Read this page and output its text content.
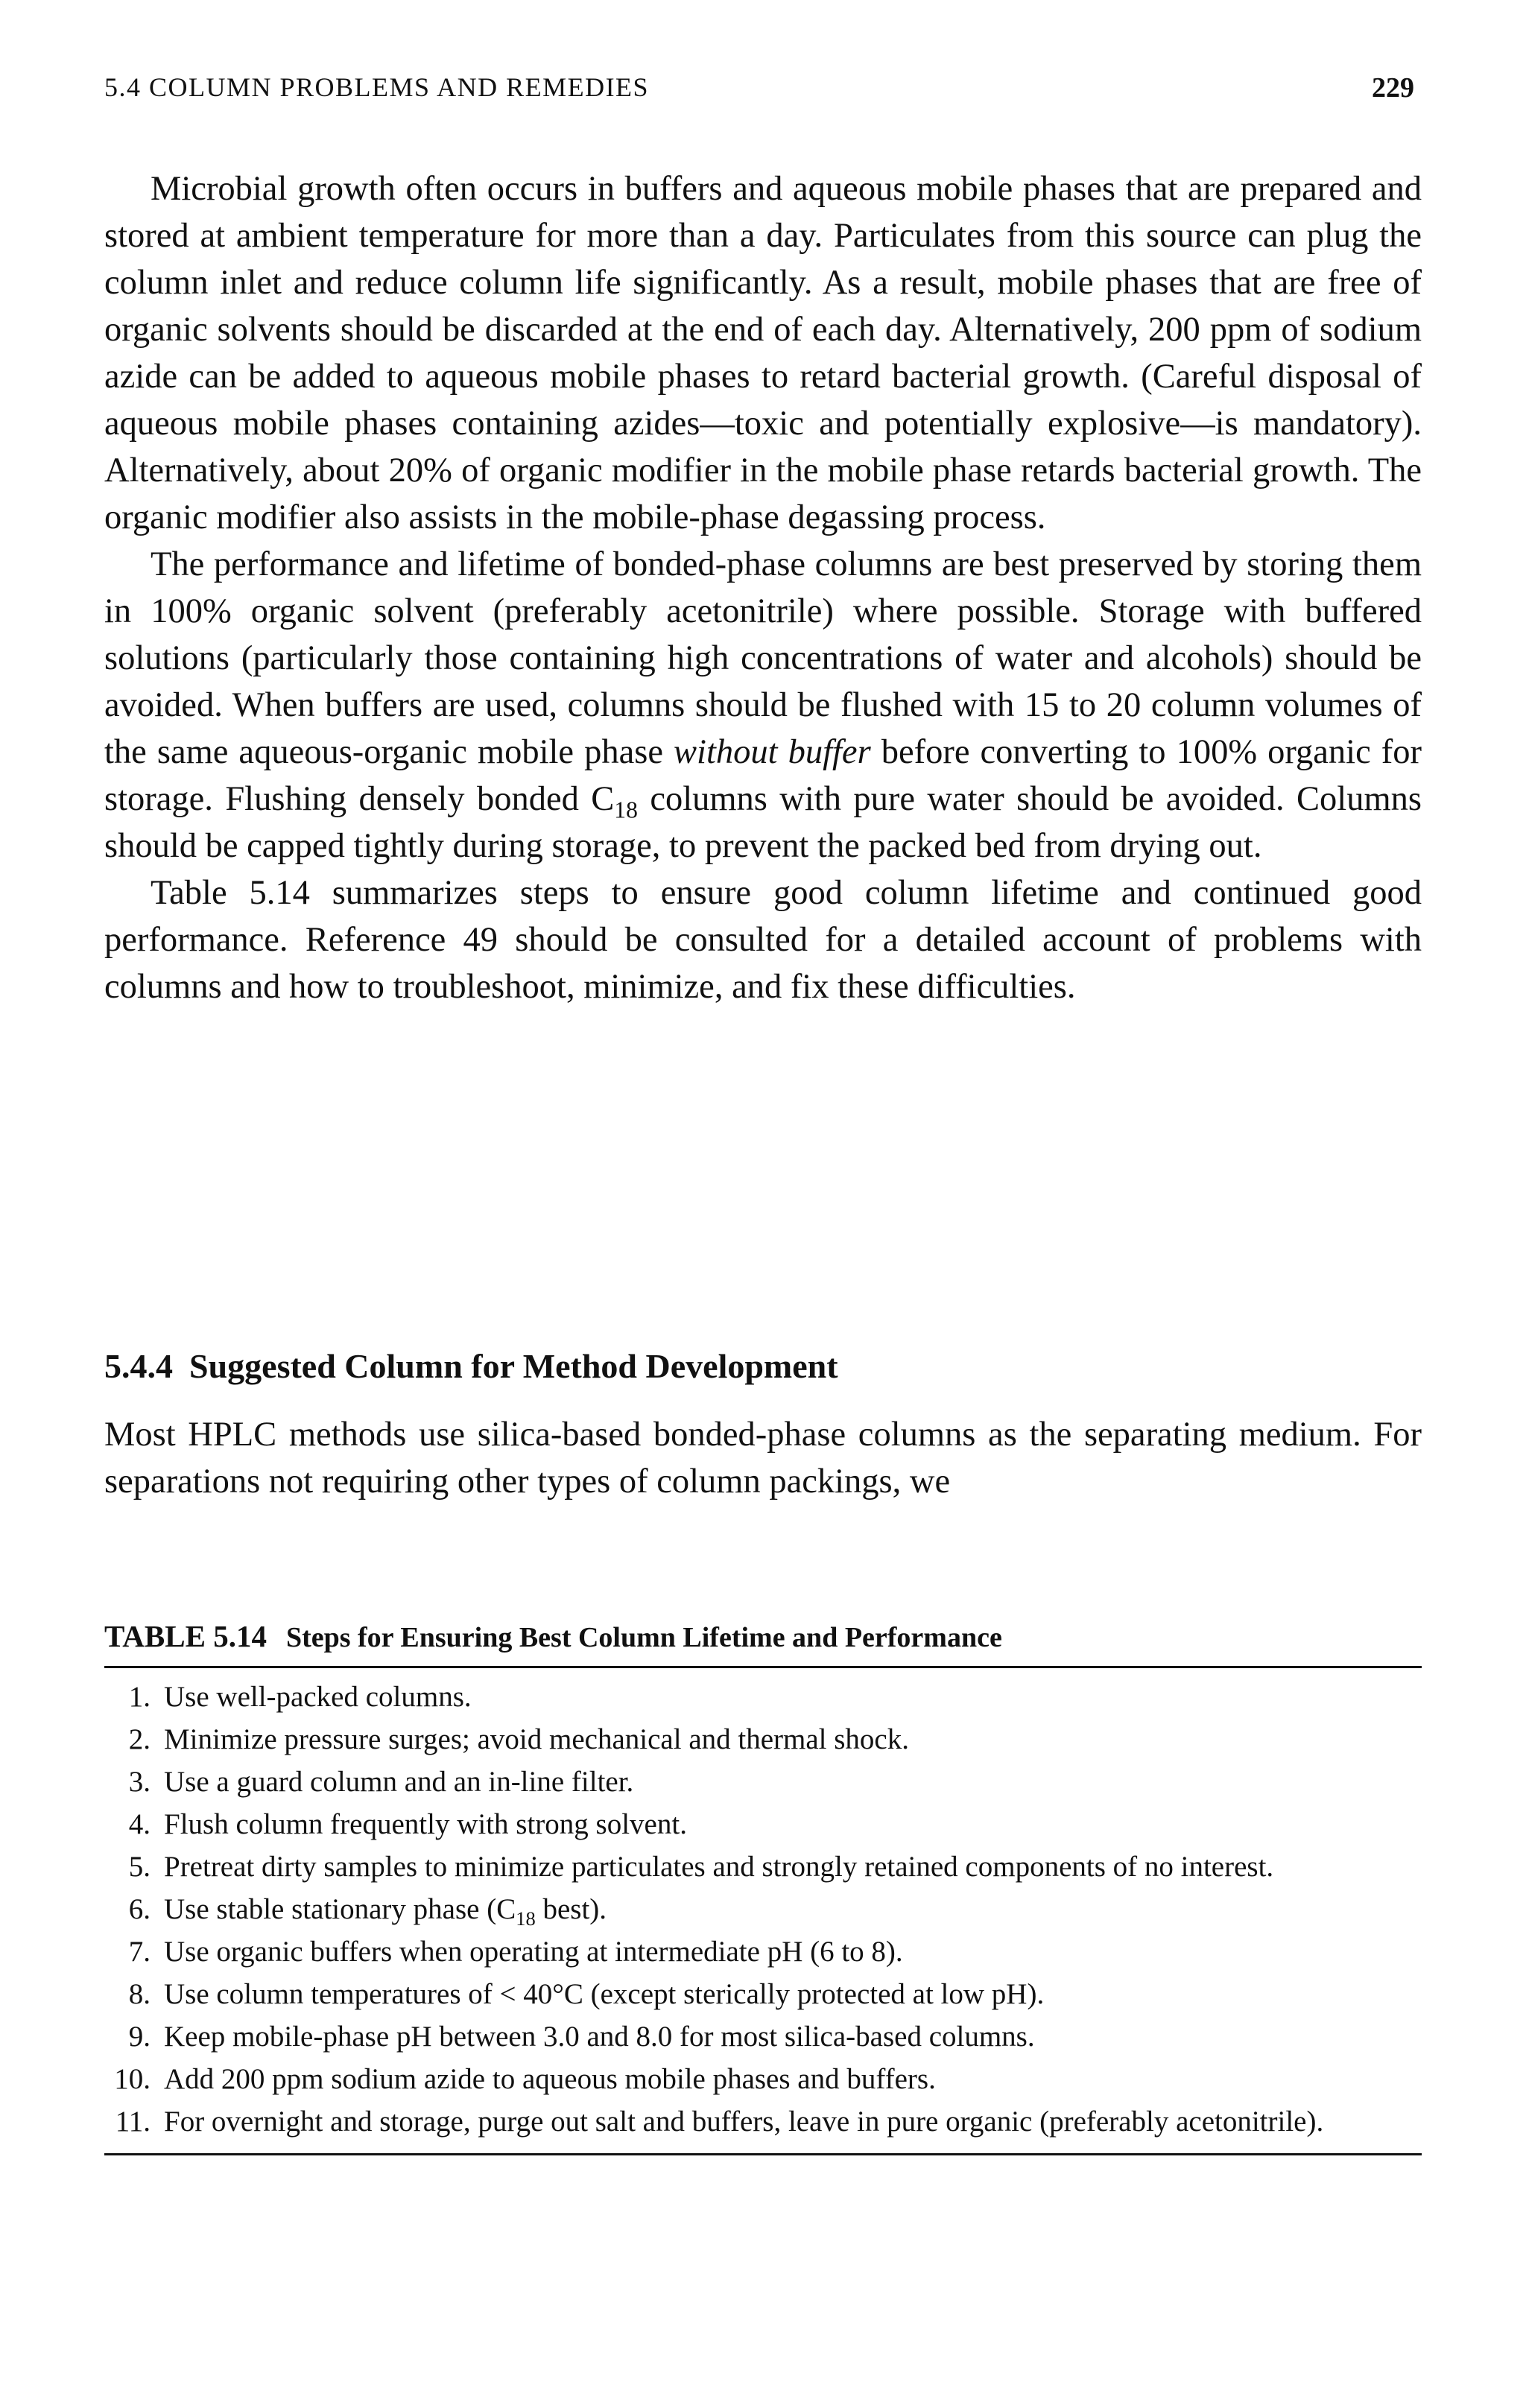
5.4 COLUMN PROBLEMS AND REMEDIES	229

Microbial growth often occurs in buffers and aqueous mobile phases that are prepared and stored at ambient temperature for more than a day. Particulates from this source can plug the column inlet and reduce column life significantly. As a result, mobile phases that are free of organic solvents should be discarded at the end of each day. Alternatively, 200 ppm of sodium azide can be added to aqueous mobile phases to retard bacterial growth. (Careful disposal of aqueous mobile phases containing azides—toxic and potentially explosive—is mandatory). Alternatively, about 20% of organic modifier in the mobile phase retards bacterial growth. The organic modifier also assists in the mobile-phase degassing process.

The performance and lifetime of bonded-phase columns are best preserved by storing them in 100% organic solvent (preferably acetonitrile) where possible. Storage with buffered solutions (particularly those containing high concentrations of water and alcohols) should be avoided. When buffers are used, columns should be flushed with 15 to 20 column volumes of the same aqueous-organic mobile phase without buffer before converting to 100% organic for storage. Flushing densely bonded $C_{18}$ columns with pure water should be avoided. Columns should be capped tightly during storage, to prevent the packed bed from drying out.

Table 5.14 summarizes steps to ensure good column lifetime and continued good performance. Reference 49 should be consulted for a detailed account of problems with columns and how to troubleshoot, minimize, and fix these difficulties.

5.4.4 Suggested Column for Method Development

Most HPLC methods use silica-based bonded-phase columns as the separating medium. For separations not requiring other types of column packings, we

TABLE 5.14 Steps for Ensuring Best Column Lifetime and Performance
1. Use well-packed columns.
2. Minimize pressure surges; avoid mechanical and thermal shock.
3. Use a guard column and an in-line filter.
4. Flush column frequently with strong solvent.
5. Pretreat dirty samples to minimize particulates and strongly retained components of no interest.
6. Use stable stationary phase ($C_{18}$ best).
7. Use organic buffers when operating at intermediate pH (6 to 8).
8. Use column temperatures of < 40°C (except sterically protected at low pH).
9. Keep mobile-phase pH between 3.0 and 8.0 for most silica-based columns.
10. Add 200 ppm sodium azide to aqueous mobile phases and buffers.
11. For overnight and storage, purge out salt and buffers, leave in pure organic (preferably acetonitrile).
